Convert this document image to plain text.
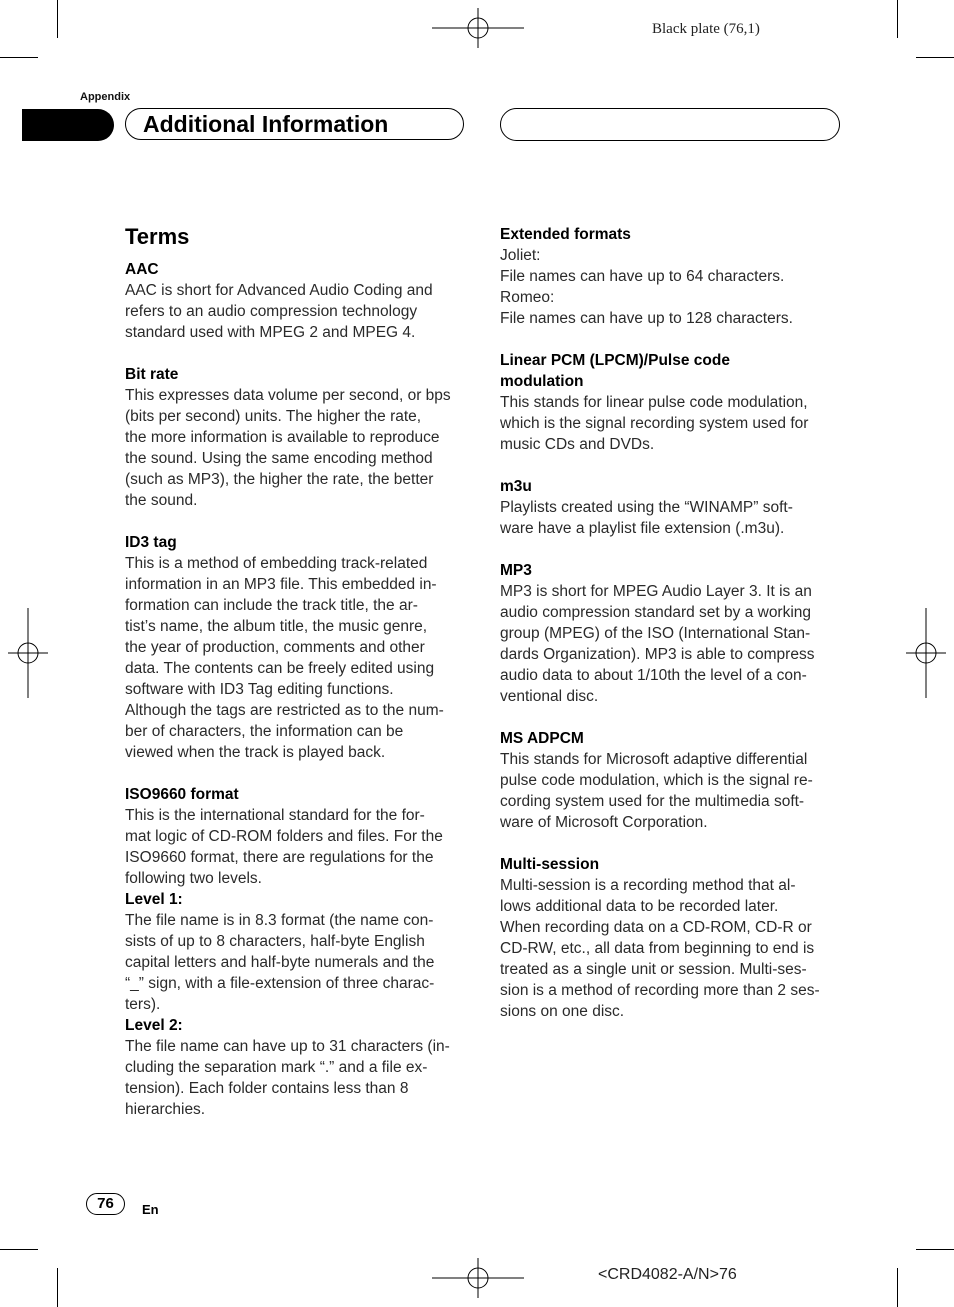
Black plate (76,1)
Appendix
Additional Information
Terms
AAC
AAC is short for Advanced Audio Coding and
refers to an audio compression technology
standard used with MPEG 2 and MPEG 4.
Bit rate
This expresses data volume per second, or bps
(bits per second) units. The higher the rate,
the more information is available to reproduce
the sound. Using the same encoding method
(such as MP3), the higher the rate, the better
the sound.
ID3 tag
This is a method of embedding track-related
information in an MP3 file. This embedded in-
formation can include the track title, the ar-
tist’s name, the album title, the music genre,
the year of production, comments and other
data. The contents can be freely edited using
software with ID3 Tag editing functions.
Although the tags are restricted as to the num-
ber of characters, the information can be
viewed when the track is played back.
ISO9660 format
This is the international standard for the for-
mat logic of CD-ROM folders and files. For the
ISO9660 format, there are regulations for the
following two levels.
Level 1:
The file name is in 8.3 format (the name con-
sists of up to 8 characters, half-byte English
capital letters and half-byte numerals and the
“_” sign, with a file-extension of three charac-
ters).
Level 2:
The file name can have up to 31 characters (in-
cluding the separation mark “.” and a file ex-
tension). Each folder contains less than 8
hierarchies.
Extended formats
Joliet:
File names can have up to 64 characters.
Romeo:
File names can have up to 128 characters.
Linear PCM (LPCM)/Pulse code
modulation
This stands for linear pulse code modulation,
which is the signal recording system used for
music CDs and DVDs.
m3u
Playlists created using the “WINAMP” soft-
ware have a playlist file extension (.m3u).
MP3
MP3 is short for MPEG Audio Layer 3. It is an
audio compression standard set by a working
group (MPEG) of the ISO (International Stan-
dards Organization). MP3 is able to compress
audio data to about 1/10th the level of a con-
ventional disc.
MS ADPCM
This stands for Microsoft adaptive differential
pulse code modulation, which is the signal re-
cording system used for the multimedia soft-
ware of Microsoft Corporation.
Multi-session
Multi-session is a recording method that al-
lows additional data to be recorded later.
When recording data on a CD-ROM, CD-R or
CD-RW, etc., all data from beginning to end is
treated as a single unit or session. Multi-ses-
sion is a method of recording more than 2 ses-
sions on one disc.
76	En
<CRD4082-A/N>76
